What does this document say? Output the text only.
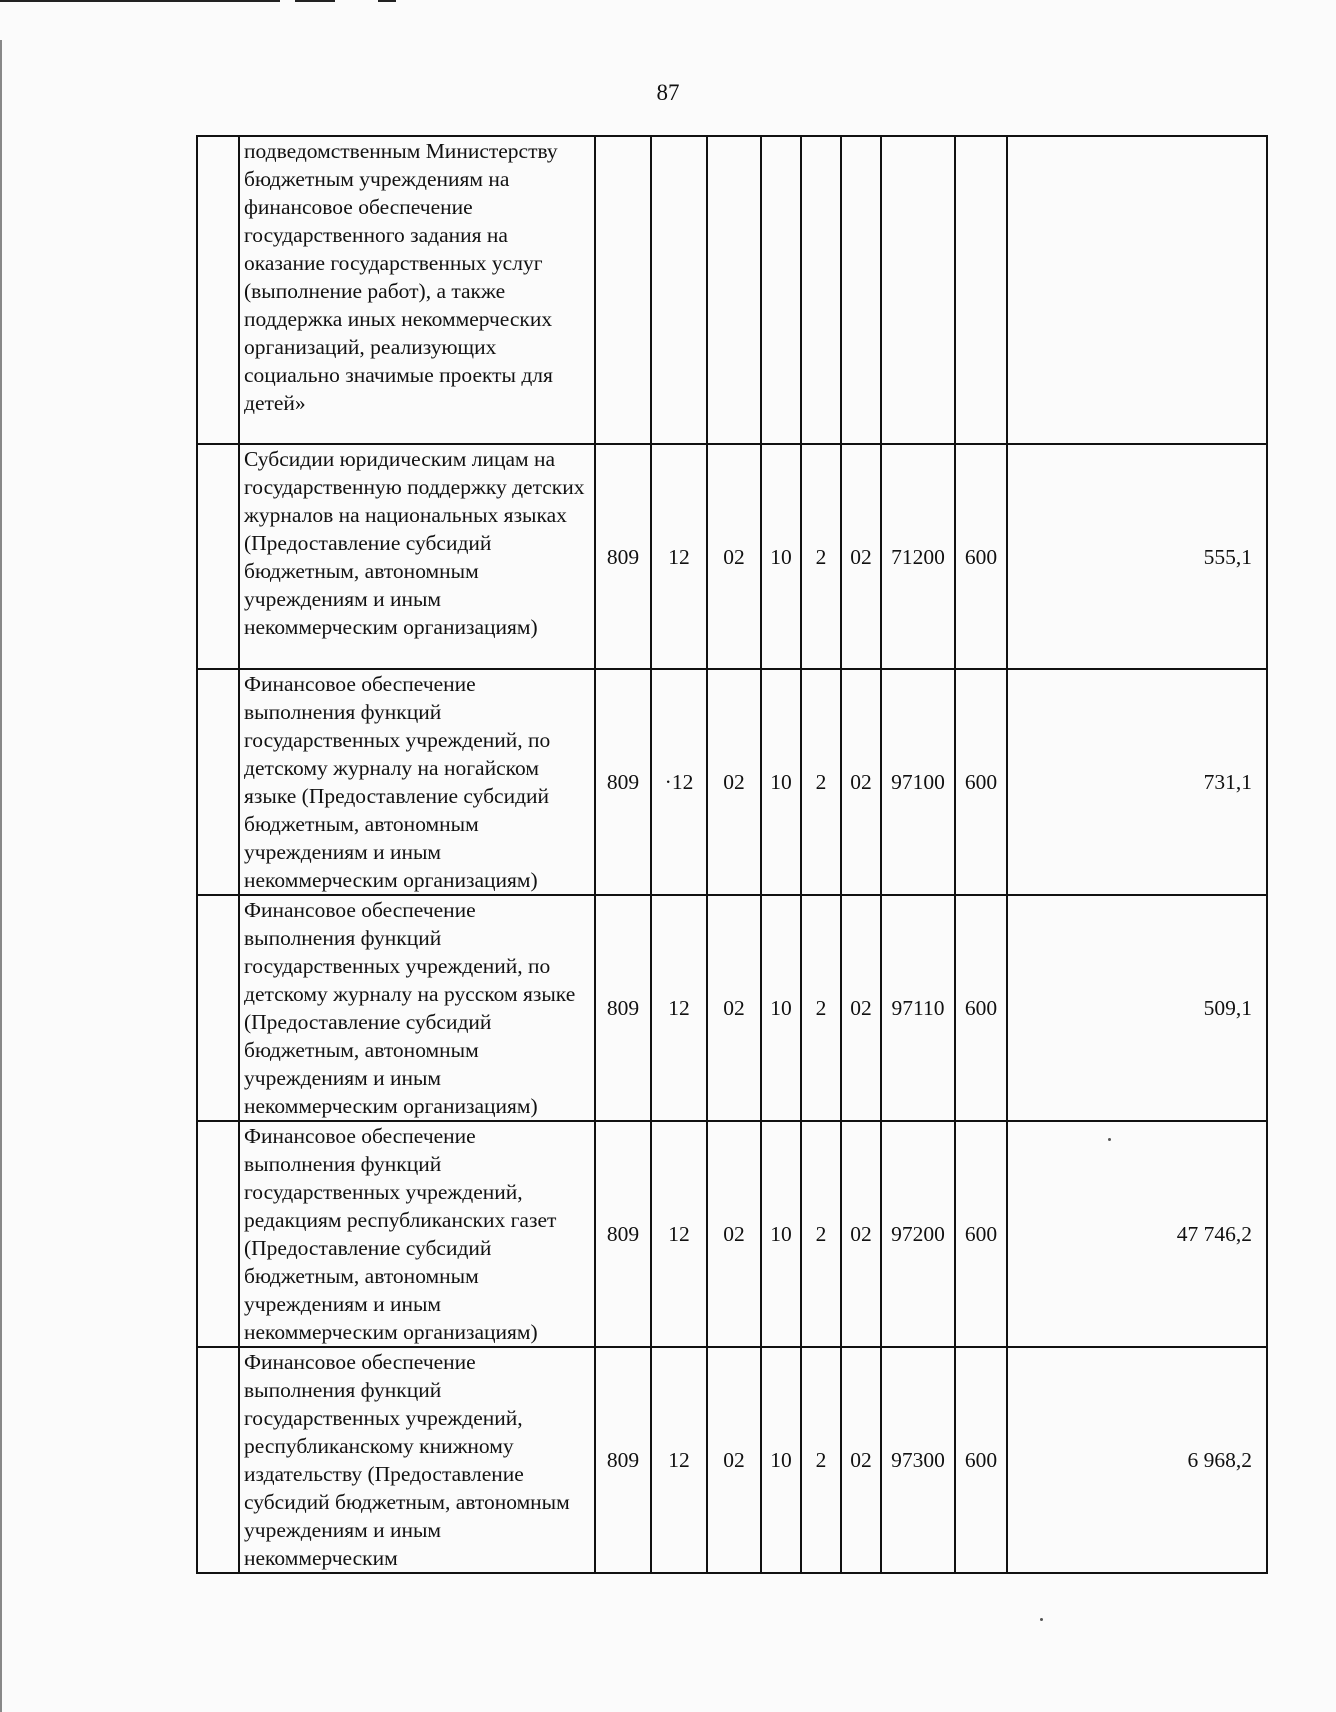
87
	подведомственным Министерству бюджетным учреждениям на финансовое обеспечение государственного задания на оказание государственных услуг (выполнение работ), а также поддержка иных некоммерческих организаций, реализующих социально значимые проекты для детей»									
	Субсидии юридическим лицам на государственную поддержку детских журналов на национальных языках (Предоставление субсидий бюджетным, автономным учреждениям и иным некоммерческим организациям)	809	12	02	10	2	02	71200	600	555,1
	Финансовое обеспечение выполнения функций государственных учреждений, по детскому журналу на ногайском языке (Предоставление субсидий бюджетным, автономным учреждениям и иным некоммерческим организациям)	809	·12	02	10	2	02	97100	600	731,1
	Финансовое обеспечение выполнения функций государственных учреждений, по детскому журналу на русском языке (Предоставление субсидий бюджетным, автономным учреждениям и иным некоммерческим организациям)	809	12	02	10	2	02	97110	600	509,1
	Финансовое обеспечение выполнения функций государственных учреждений, редакциям республиканских газет (Предоставление субсидий бюджетным, автономным учреждениям и иным некоммерческим организациям)	809	12	02	10	2	02	97200	600	47 746,2
	Финансовое обеспечение выполнения функций государственных учреждений, республиканскому книжному издательству (Предоставление субсидий бюджетным, автономным учреждениям и иным некоммерческим	809	12	02	10	2	02	97300	600	6 968,2
